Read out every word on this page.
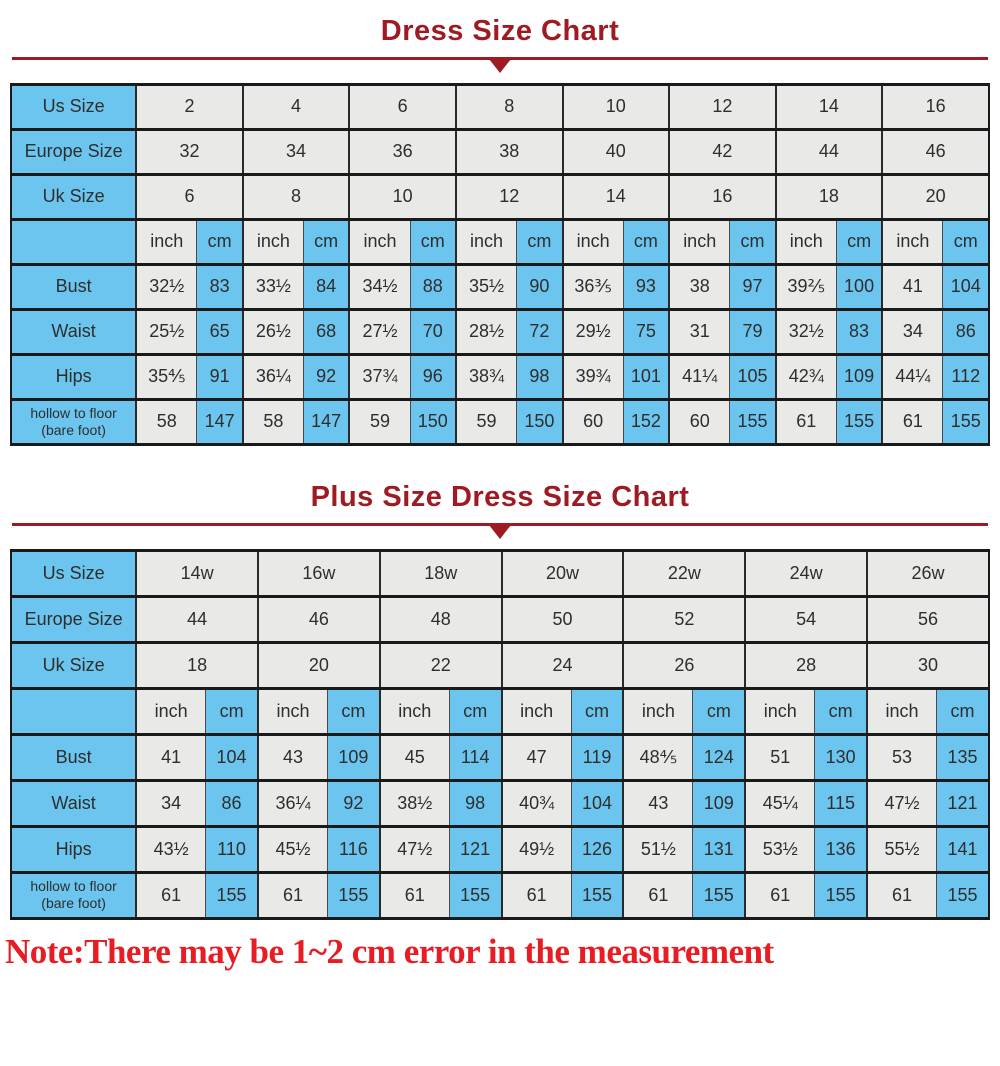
Dress Size Chart
Us Size	2		4		6		8		10		12		14		16	
Europe Size	32		34		36		38		40		42		44		46	
Uk Size	6		8		10		12		14		16		18		20	
	inch	cm	inch	cm	inch	cm	inch	cm	inch	cm	inch	cm	inch	cm	inch	cm
Bust	32½	83	33½	84	34½	88	35½	90	36⅗	93	38	97	39⅖	100	41	104
Waist	25½	65	26½	68	27½	70	28½	72	29½	75	31	79	32½	83	34	86
Hips	35⅘	91	36¼	92	37¾	96	38¾	98	39¾	101	41¼	105	42¾	109	44¼	112

hollow to floor
(bare foot)	58	147	58	147	59	150	59	150	60	152	60	155	61	155	61	155
Plus Size Dress Size Chart
Us Size	14w		16w		18w		20w		22w		24w		26w	
Europe Size	44		46		48		50		52		54		56	
Uk Size	18		20		22		24		26		28		30	
	inch	cm	inch	cm	inch	cm	inch	cm	inch	cm	inch	cm	inch	cm
Bust	41	104	43	109	45	114	47	119	48⅘	124	51	130	53	135
Waist	34	86	36¼	92	38½	98	40¾	104	43	109	45¼	115	47½	121
Hips	43½	110	45½	116	47½	121	49½	126	51½	131	53½	136	55½	141

hollow to floor
(bare foot)	61	155	61	155	61	155	61	155	61	155	61	155	61	155

Note:There may be 1~2 cm error in the measurement
